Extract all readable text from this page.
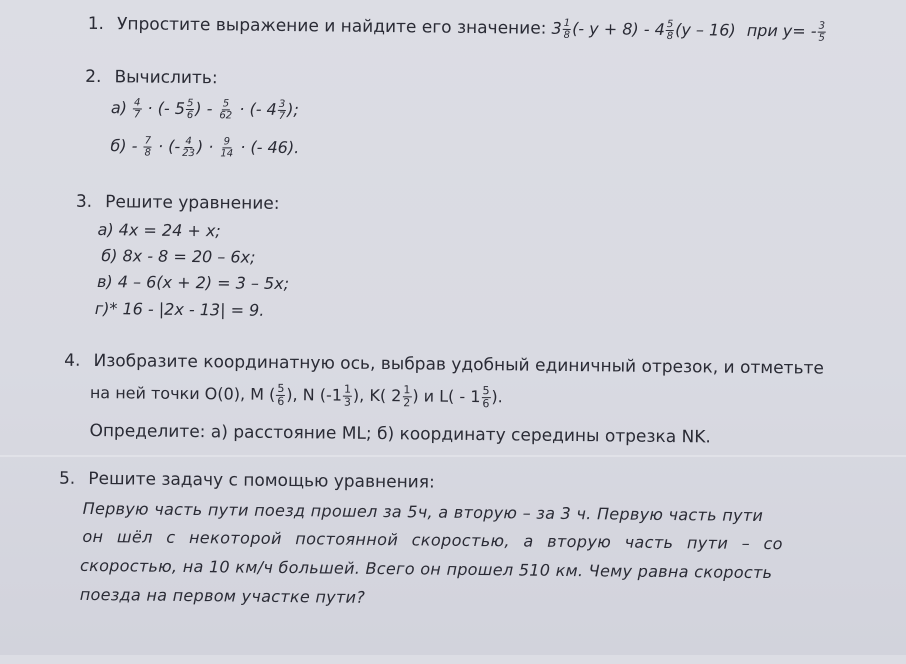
1. Упростите выражение и найдите его значение: $3 \frac{1}{8}$ (- $y + 8) - 4 \frac{5}{8} (y - 16)$ при $y= - \frac{3}{5}$
2. Вычислить:
$а) \frac{4}{7}$ · (- $5 \frac{5}{6}$ ) - $\frac{5}{62}$ · (- $4 \frac{3}{7}$ );
$б) - \frac{7}{8}$ · (- $\frac{4}{23}$ ) · $\frac{9}{14}$ · (- 46).
3. Решите уравнение:
а) 4x = 24 + x;
б) 8x - 8 = 20 – 6x;
в) 4 – 6(x + 2) = 3 – 5x;
г)* 16 - |2x - 13| = 9.
4. Изобразите координатную ось, выбрав удобный единичный отрезок, и отметьте
на ней точки O(0), M ( $\frac{5}{6}$ ), N ($-1 \frac{1}{3}$ ), K( $2 \frac{1}{2}$ ) и $L( - 1 \frac{5}{6}$ ).
Определите: а) расстояние ML; б) координату середины отрезка NK.
5. Решите задачу с помощью уравнения:
Первую часть пути поезд прошел за 5ч, а вторую – за 3 ч. Первую часть пути
он шёл с некоторой постоянной скоростью, а вторую часть пути – со
скоростью, на 10 км/ч большей. Всего он прошел 510 км. Чему равна скорость
поезда на первом участке пути?
